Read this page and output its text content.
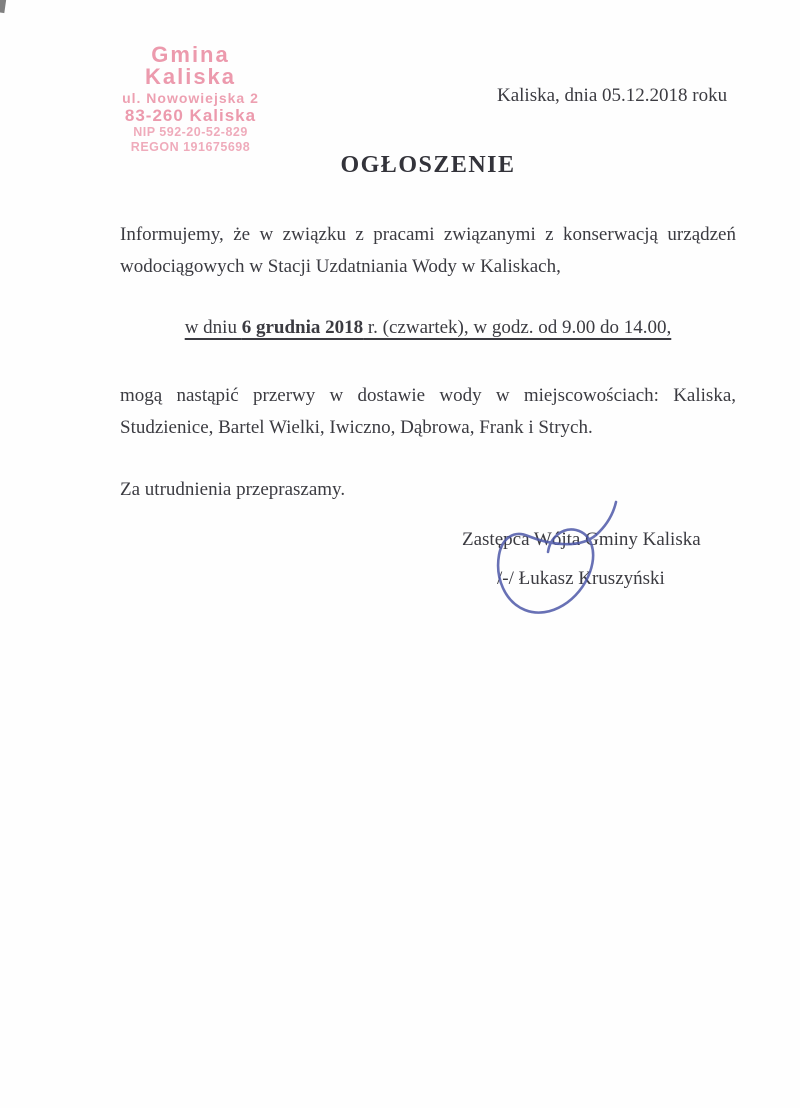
Gmina Kaliska
ul. Nowowiejska 2
83-260 Kaliska
NIP 592-20-52-829
REGON 191675698
Kaliska, dnia 05.12.2018 roku
OGŁOSZENIE
Informujemy, że w związku z pracami związanymi z konserwacją urządzeń
wodociągowych w Stacji Uzdatniania Wody w Kaliskach,
w dniu 6 grudnia 2018 r. (czwartek), w godz. od 9.00 do 14.00,
mogą nastąpić przerwy w dostawie wody w miejscowościach: Kaliska,
Studzienice, Bartel Wielki, Iwiczno, Dąbrowa, Frank i Strych.
Za utrudnienia przepraszamy.
Zastępca Wójta Gminy Kaliska
/-/ Łukasz Kruszyński
